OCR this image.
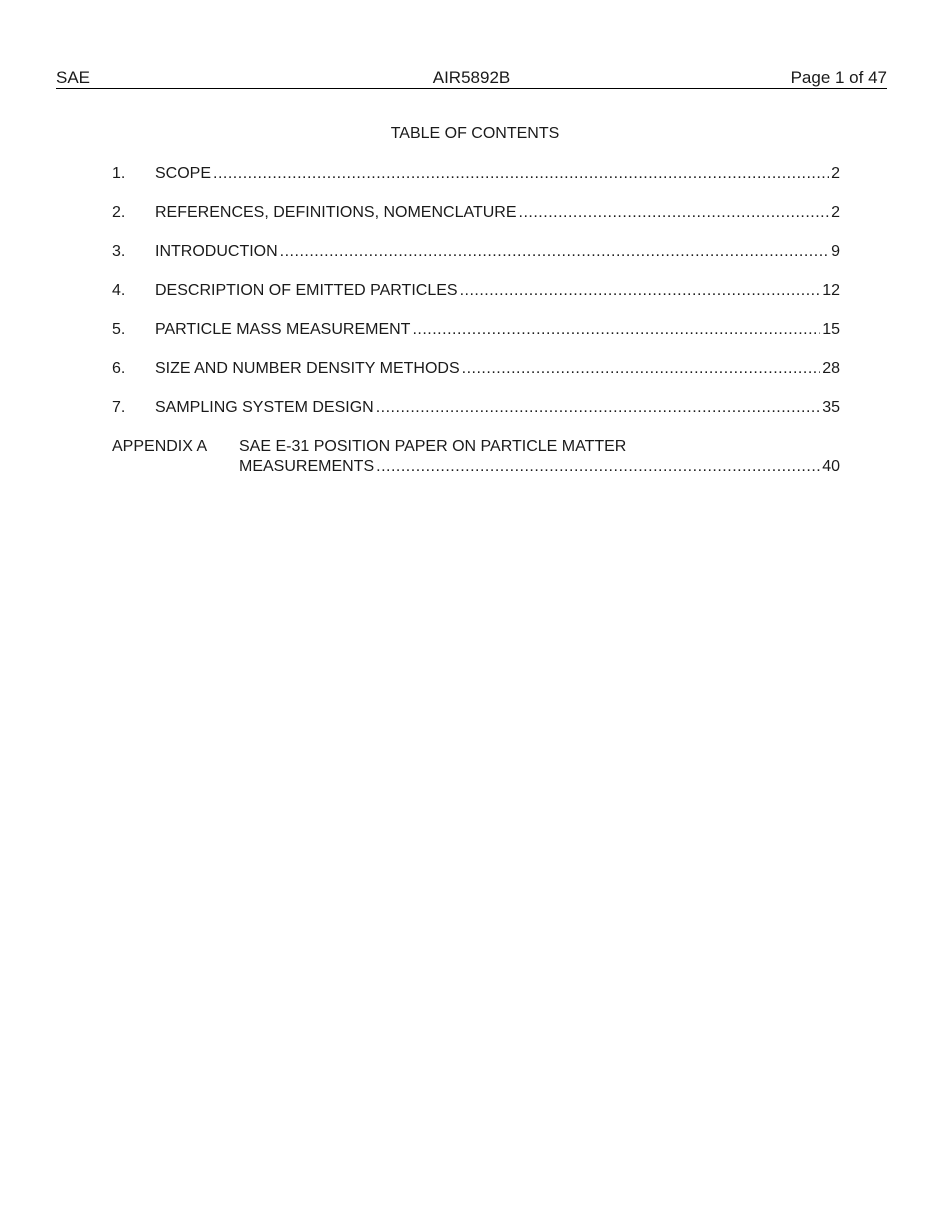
SAE	AIR5892B	Page 1 of 47
TABLE OF CONTENTS
1. SCOPE .....	2
2. REFERENCES, DEFINITIONS, NOMENCLATURE .....	2
3. INTRODUCTION .....	9
4. DESCRIPTION OF EMITTED PARTICLES .....	12
5. PARTICLE MASS MEASUREMENT .....	15
6. SIZE AND NUMBER DENSITY METHODS .....	28
7. SAMPLING SYSTEM DESIGN .....	35
APPENDIX A SAE E-31 POSITION PAPER ON PARTICLE MATTER
MEASUREMENTS .....	40
